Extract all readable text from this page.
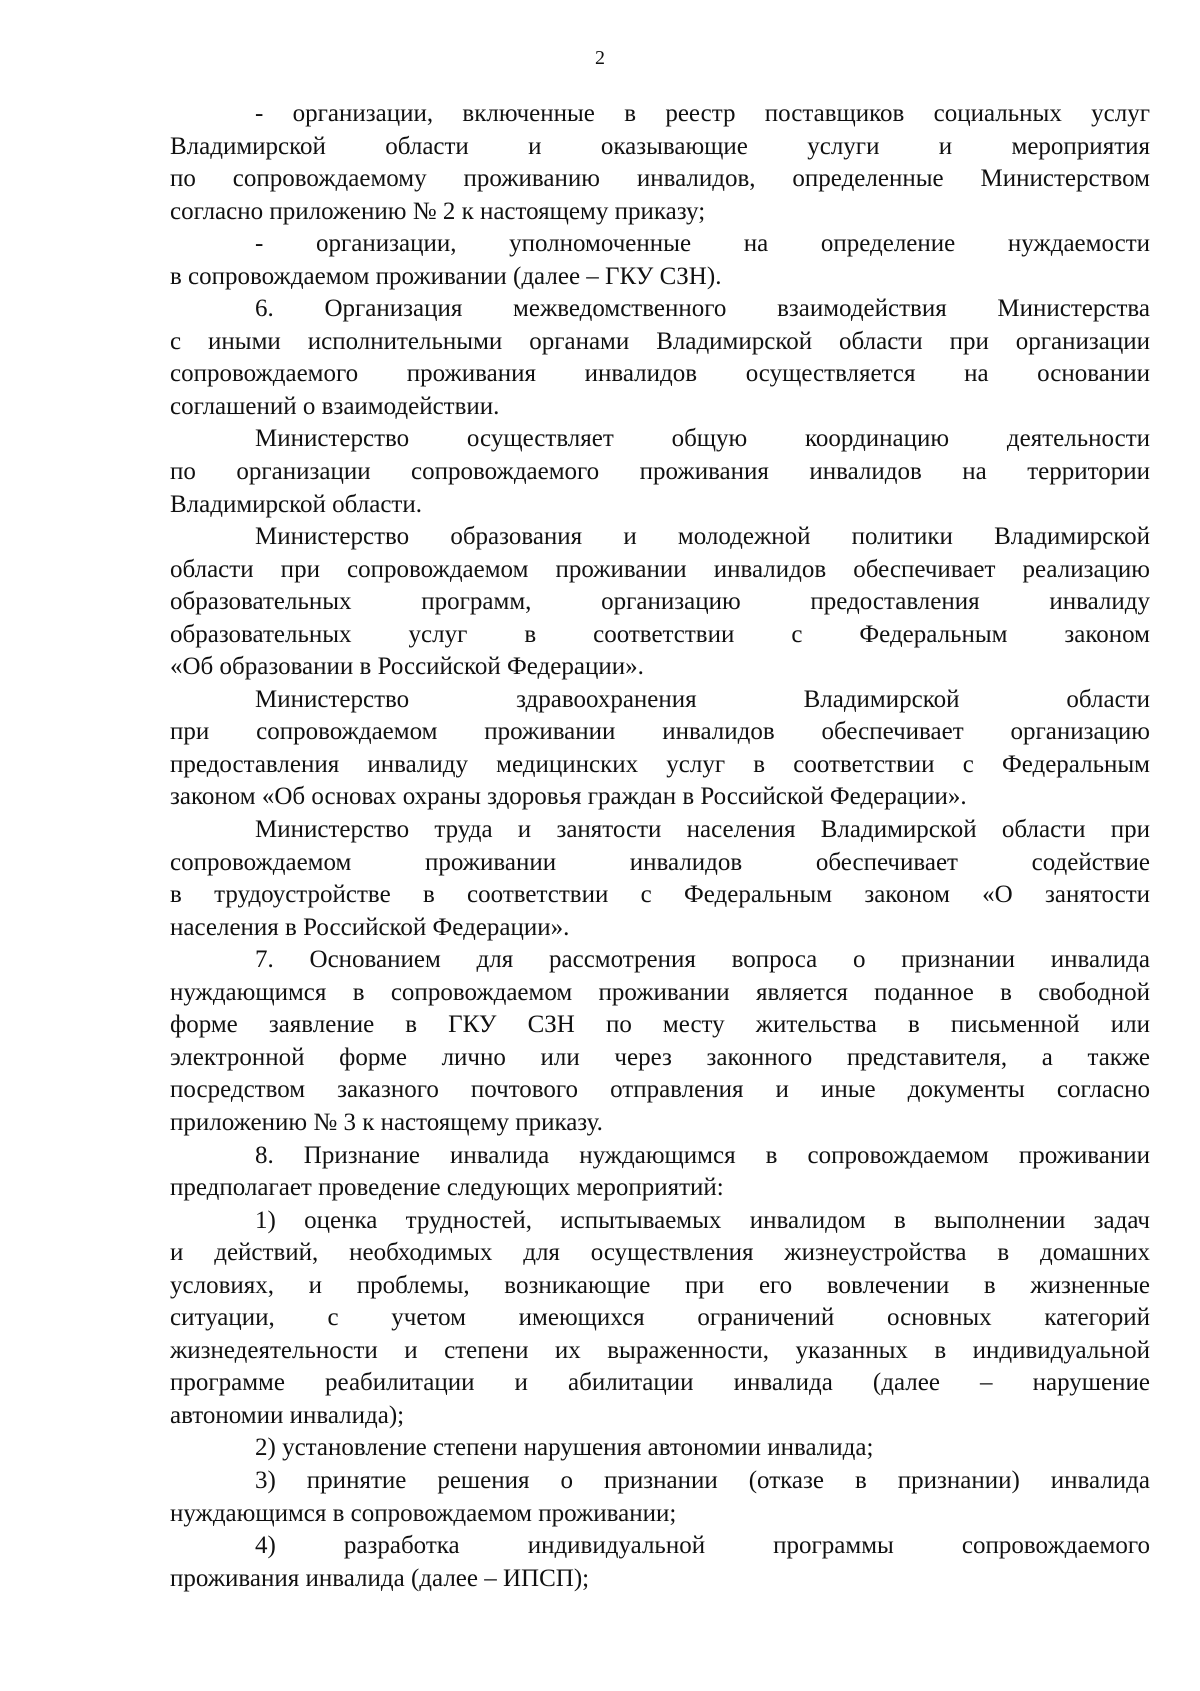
2
- организации, включенные в реестр поставщиков социальных услуг
Владимирской области и оказывающие услуги и мероприятия
по сопровождаемому проживанию инвалидов, определенные Министерством
согласно приложению № 2 к настоящему приказу;
- организации, уполномоченные на определение нуждаемости
в сопровождаемом проживании (далее – ГКУ СЗН).
6. Организация межведомственного взаимодействия Министерства
с иными исполнительными органами Владимирской области при организации
сопровождаемого проживания инвалидов осуществляется на основании
соглашений о взаимодействии.
Министерство осуществляет общую координацию деятельности
по организации сопровождаемого проживания инвалидов на территории
Владимирской области.
Министерство образования и молодежной политики Владимирской
области при сопровождаемом проживании инвалидов обеспечивает реализацию
образовательных программ, организацию предоставления инвалиду
образовательных услуг в соответствии с Федеральным законом
«Об образовании в Российской Федерации».
Министерство здравоохранения Владимирской области
при сопровождаемом проживании инвалидов обеспечивает организацию
предоставления инвалиду медицинских услуг в соответствии с Федеральным
законом «Об основах охраны здоровья граждан в Российской Федерации».
Министерство труда и занятости населения Владимирской области при
сопровождаемом проживании инвалидов обеспечивает содействие
в трудоустройстве в соответствии с Федеральным законом «О занятости
населения в Российской Федерации».
7. Основанием для рассмотрения вопроса о признании инвалида
нуждающимся в сопровождаемом проживании является поданное в свободной
форме заявление в ГКУ СЗН по месту жительства в письменной или
электронной форме лично или через законного представителя, а также
посредством заказного почтового отправления и иные документы согласно
приложению № 3 к настоящему приказу.
8. Признание инвалида нуждающимся в сопровождаемом проживании
предполагает проведение следующих мероприятий:
1) оценка трудностей, испытываемых инвалидом в выполнении задач
и действий, необходимых для осуществления жизнеустройства в домашних
условиях, и проблемы, возникающие при его вовлечении в жизненные
ситуации, с учетом имеющихся ограничений основных категорий
жизнедеятельности и степени их выраженности, указанных в индивидуальной
программе реабилитации и абилитации инвалида (далее – нарушение
автономии инвалида);
2) установление степени нарушения автономии инвалида;
3) принятие решения о признании (отказе в признании) инвалида
нуждающимся в сопровождаемом проживании;
4) разработка индивидуальной программы сопровождаемого
проживания инвалида (далее – ИПСП);
